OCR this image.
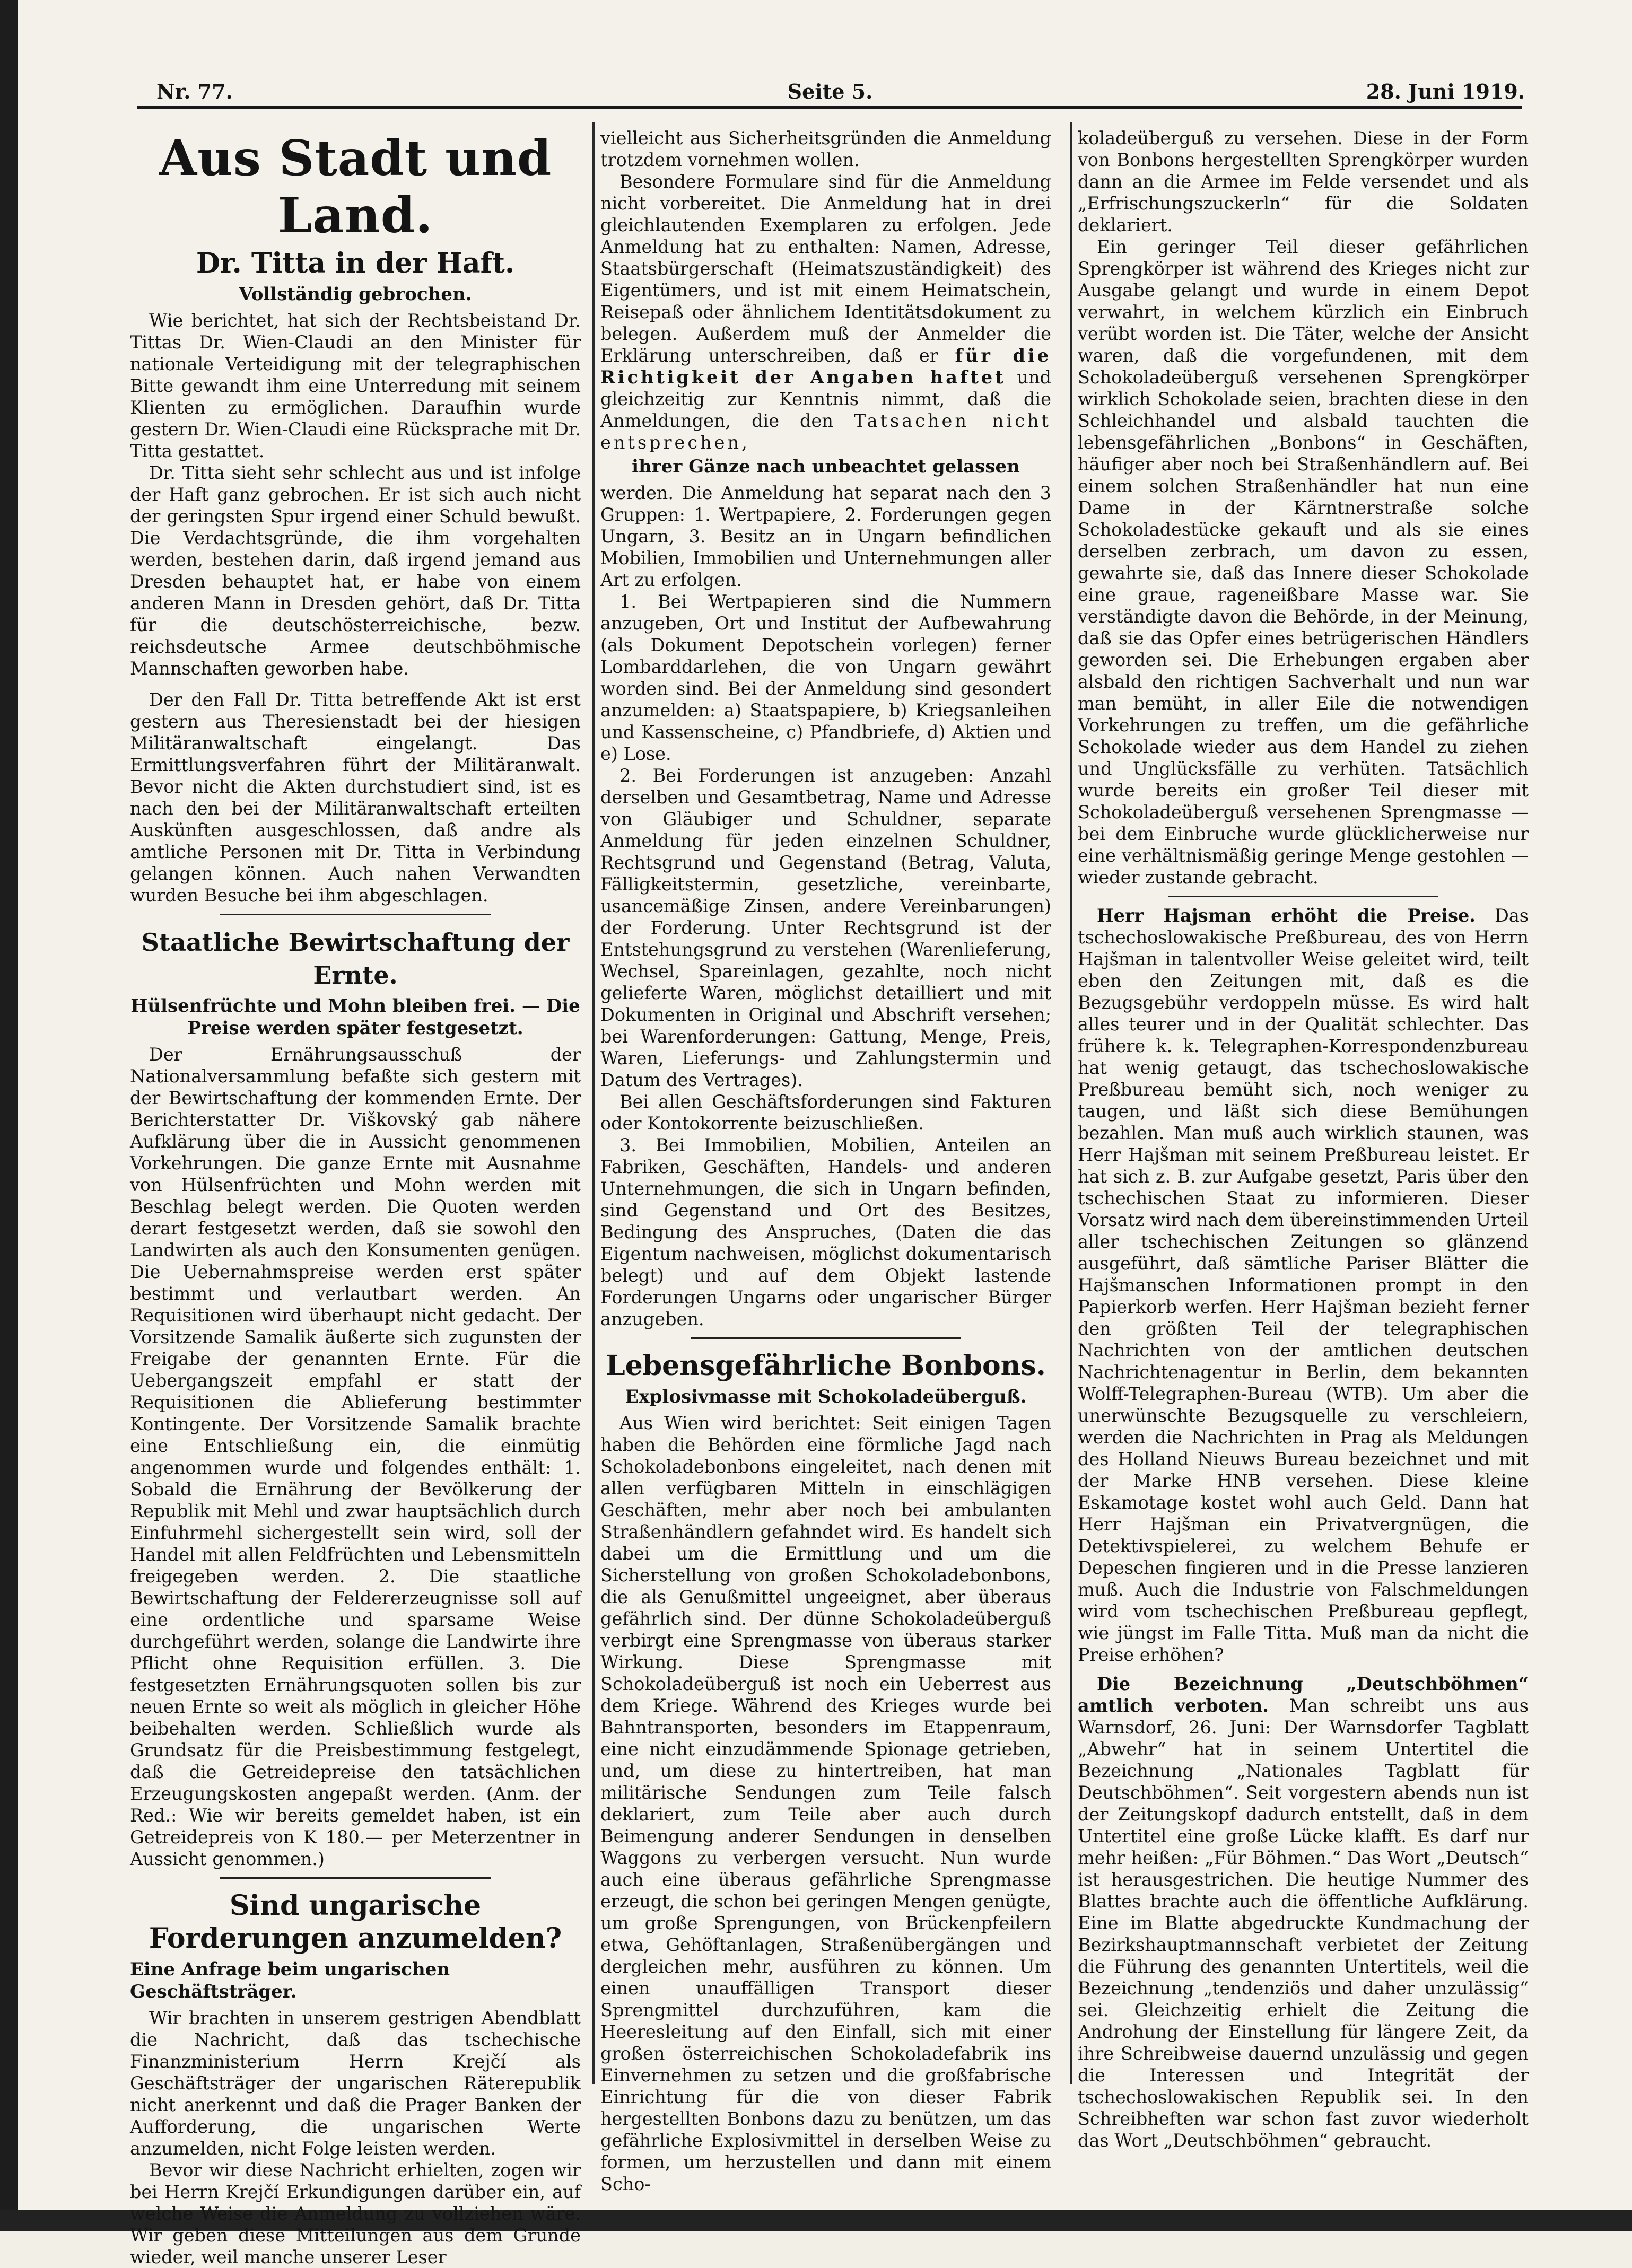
Nr. 77.	Seite 5.	28. Juni 1919.
Aus Stadt und Land.
Dr. Titta in der Haft.
Vollständig gebrochen.

Wie berichtet, hat sich der Rechtsbeistand Dr. Tittas Dr. Wien-Claudi an den Minister für nationale Verteidigung mit der telegraphischen Bitte gewandt ihm eine Unterredung mit seinem Klienten zu ermöglichen. Daraufhin wurde gestern Dr. Wien-Claudi eine Rücksprache mit Dr. Titta gestattet.

Dr. Titta sieht sehr schlecht aus und ist infolge der Haft ganz gebrochen. Er ist sich auch nicht der geringsten Spur irgend einer Schuld bewußt. Die Verdachtsgründe, die ihm vorgehalten werden, bestehen darin, daß irgend jemand aus Dresden behauptet hat, er habe von einem anderen Mann in Dresden gehört, daß Dr. Titta für die deutschösterreichische, bezw. reichsdeutsche Armee deutschböhmische Mannschaften geworben habe.

Der den Fall Dr. Titta betreffende Akt ist erst gestern aus Theresienstadt bei der hiesigen Militäranwaltschaft eingelangt. Das Ermittlungsverfahren führt der Militäranwalt. Bevor nicht die Akten durchstudiert sind, ist es nach den bei der Militäranwaltschaft erteilten Auskünften ausgeschlossen, daß andre als amtliche Personen mit Dr. Titta in Verbindung gelangen können. Auch nahen Verwandten wurden Besuche bei ihm abgeschlagen.

Staatliche Bewirtschaftung der Ernte.
Hülsenfrüchte und Mohn bleiben frei. — Die Preise werden später festgesetzt.

Der Ernährungsausschuß der Nationalversammlung befaßte sich gestern mit der Bewirtschaftung der kommenden Ernte. Der Berichterstatter Dr. Viškovský gab nähere Aufklärung über die in Aussicht genommenen Vorkehrungen. Die ganze Ernte mit Ausnahme von Hülsenfrüchten und Mohn werden mit Beschlag belegt werden. Die Quoten werden derart festgesetzt werden, daß sie sowohl den Landwirten als auch den Konsumenten genügen. Die Uebernahmspreise werden erst später bestimmt und verlautbart werden. An Requisitionen wird überhaupt nicht gedacht. Der Vorsitzende Samalik äußerte sich zugunsten der Freigabe der genannten Ernte. Für die Uebergangszeit empfahl er statt der Requisitionen die Ablieferung bestimmter Kontingente. Der Vorsitzende Samalik brachte eine Entschließung ein, die einmütig angenommen wurde und folgendes enthält: 1. Sobald die Ernährung der Bevölkerung der Republik mit Mehl und zwar hauptsächlich durch Einfuhrmehl sichergestellt sein wird, soll der Handel mit allen Feldfrüchten und Lebensmitteln freigegeben werden. 2. Die staatliche Bewirtschaftung der Feldererzeugnisse soll auf eine ordentliche und sparsame Weise durchgeführt werden, solange die Landwirte ihre Pflicht ohne Requisition erfüllen. 3. Die festgesetzten Ernährungsquoten sollen bis zur neuen Ernte so weit als möglich in gleicher Höhe beibehalten werden. Schließlich wurde als Grundsatz für die Preisbestimmung festgelegt, daß die Getreidepreise den tatsächlichen Erzeugungskosten angepaßt werden. (Anm. der Red.: Wie wir bereits gemeldet haben, ist ein Getreidepreis von K 180.— per Meterzentner in Aussicht genommen.)

Sind ungarische Forderungen anzumelden?
Eine Anfrage beim ungarischen Geschäftsträger.

Wir brachten in unserem gestrigen Abendblatt die Nachricht, daß das tschechische Finanzministerium Herrn Krejčí als Geschäftsträger der ungarischen Räterepublik nicht anerkennt und daß die Prager Banken der Aufforderung, die ungarischen Werte anzumelden, nicht Folge leisten werden.

Bevor wir diese Nachricht erhielten, zogen wir bei Herrn Krejčí Erkundigungen darüber ein, auf welche Weise die Anmeldung zu vollziehen wäre. Wir geben diese Mitteilungen aus dem Grunde wieder, weil manche unserer Leser

vielleicht aus Sicherheitsgründen die Anmeldung trotzdem vornehmen wollen.

Besondere Formulare sind für die Anmeldung nicht vorbereitet. Die Anmeldung hat in drei gleichlautenden Exemplaren zu erfolgen. Jede Anmeldung hat zu enthalten: Namen, Adresse, Staatsbürgerschaft (Heimatszuständigkeit) des Eigentümers, und ist mit einem Heimatschein, Reisepaß oder ähnlichem Identitätsdokument zu belegen. Außerdem muß der Anmelder die Erklärung unterschreiben, daß er für die Richtigkeit der Angaben haftet und gleichzeitig zur Kenntnis nimmt, daß die Anmeldungen, die den Tatsachen nicht entsprechen,

ihrer Gänze nach unbeachtet gelassen

werden. Die Anmeldung hat separat nach den 3 Gruppen: 1. Wertpapiere, 2. Forderungen gegen Ungarn, 3. Besitz an in Ungarn befindlichen Mobilien, Immobilien und Unternehmungen aller Art zu erfolgen.

1. Bei Wertpapieren sind die Nummern anzugeben, Ort und Institut der Aufbewahrung (als Dokument Depotschein vorlegen) ferner Lombarddarlehen, die von Ungarn gewährt worden sind. Bei der Anmeldung sind gesondert anzumelden: a) Staatspapiere, b) Kriegsanleihen und Kassenscheine, c) Pfandbriefe, d) Aktien und e) Lose.

2. Bei Forderungen ist anzugeben: Anzahl derselben und Gesamtbetrag, Name und Adresse von Gläubiger und Schuldner, separate Anmeldung für jeden einzelnen Schuldner, Rechtsgrund und Gegenstand (Betrag, Valuta, Fälligkeitstermin, gesetzliche, vereinbarte, usancemäßige Zinsen, andere Vereinbarungen) der Forderung. Unter Rechtsgrund ist der Entstehungsgrund zu verstehen (Warenlieferung, Wechsel, Spareinlagen, gezahlte, noch nicht gelieferte Waren, möglichst detailliert und mit Dokumenten in Original und Abschrift versehen; bei Warenforderungen: Gattung, Menge, Preis, Waren, Lieferungs- und Zahlungstermin und Datum des Vertrages).

Bei allen Geschäftsforderungen sind Fakturen oder Kontokorrente beizuschließen.

3. Bei Immobilien, Mobilien, Anteilen an Fabriken, Geschäften, Handels- und anderen Unternehmungen, die sich in Ungarn befinden, sind Gegenstand und Ort des Besitzes, Bedingung des Anspruches, (Daten die das Eigentum nachweisen, möglichst dokumentarisch belegt) und auf dem Objekt lastende Forderungen Ungarns oder ungarischer Bürger anzugeben.

Lebensgefährliche Bonbons.
Explosivmasse mit Schokoladeüberguß.

Aus Wien wird berichtet: Seit einigen Tagen haben die Behörden eine förmliche Jagd nach Schokoladebonbons eingeleitet, nach denen mit allen verfügbaren Mitteln in einschlägigen Geschäften, mehr aber noch bei ambulanten Straßenhändlern gefahndet wird. Es handelt sich dabei um die Ermittlung und um die Sicherstellung von großen Schokoladebonbons, die als Genußmittel ungeeignet, aber überaus gefährlich sind. Der dünne Schokoladeüberguß verbirgt eine Sprengmasse von überaus starker Wirkung. Diese Sprengmasse mit Schokoladeüberguß ist noch ein Ueberrest aus dem Kriege. Während des Krieges wurde bei Bahntransporten, besonders im Etappenraum, eine nicht einzudämmende Spionage getrieben, und, um diese zu hintertreiben, hat man militärische Sendungen zum Teile falsch deklariert, zum Teile aber auch durch Beimengung anderer Sendungen in denselben Waggons zu verbergen versucht. Nun wurde auch eine überaus gefährliche Sprengmasse erzeugt, die schon bei geringen Mengen genügte, um große Sprengungen, von Brückenpfeilern etwa, Gehöftanlagen, Straßenübergängen und dergleichen mehr, ausführen zu können. Um einen unauffälligen Transport dieser Sprengmittel durchzuführen, kam die Heeresleitung auf den Einfall, sich mit einer großen österreichischen Schokoladefabrik ins Einvernehmen zu setzen und die großfabrische Einrichtung für die von dieser Fabrik hergestellten Bonbons dazu zu benützen, um das gefährliche Explosivmittel in derselben Weise zu formen, um herzustellen und dann mit einem Scho-

koladeüberguß zu versehen. Diese in der Form von Bonbons hergestellten Sprengkörper wurden dann an die Armee im Felde versendet und als „Erfrischungszuckerln“ für die Soldaten deklariert.

Ein geringer Teil dieser gefährlichen Sprengkörper ist während des Krieges nicht zur Ausgabe gelangt und wurde in einem Depot verwahrt, in welchem kürzlich ein Einbruch verübt worden ist. Die Täter, welche der Ansicht waren, daß die vorgefundenen, mit dem Schokoladeüberguß versehenen Sprengkörper wirklich Schokolade seien, brachten diese in den Schleichhandel und alsbald tauchten die lebensgefährlichen „Bonbons“ in Geschäften, häufiger aber noch bei Straßenhändlern auf. Bei einem solchen Straßenhändler hat nun eine Dame in der Kärntnerstraße solche Schokoladestücke gekauft und als sie eines derselben zerbrach, um davon zu essen, gewahrte sie, daß das Innere dieser Schokolade eine graue, rageneißbare Masse war. Sie verständigte davon die Behörde, in der Meinung, daß sie das Opfer eines betrügerischen Händlers geworden sei. Die Erhebungen ergaben aber alsbald den richtigen Sachverhalt und nun war man bemüht, in aller Eile die notwendigen Vorkehrungen zu treffen, um die gefährliche Schokolade wieder aus dem Handel zu ziehen und Unglücksfälle zu verhüten. Tatsächlich wurde bereits ein großer Teil dieser mit Schokoladeüberguß versehenen Sprengmasse — bei dem Einbruche wurde glücklicherweise nur eine verhältnismäßig geringe Menge gestohlen — wieder zustande gebracht.

Herr Hajsman erhöht die Preise. Das tschechoslowakische Preßbureau, des von Herrn Hajšman in talentvoller Weise geleitet wird, teilt eben den Zeitungen mit, daß es die Bezugsgebühr verdoppeln müsse. Es wird halt alles teurer und in der Qualität schlechter. Das frühere k. k. Telegraphen-Korrespondenzbureau hat wenig getaugt, das tschechoslowakische Preßbureau bemüht sich, noch weniger zu taugen, und läßt sich diese Bemühungen bezahlen. Man muß auch wirklich staunen, was Herr Hajšman mit seinem Preßbureau leistet. Er hat sich z. B. zur Aufgabe gesetzt, Paris über den tschechischen Staat zu informieren. Dieser Vorsatz wird nach dem übereinstimmenden Urteil aller tschechischen Zeitungen so glänzend ausgeführt, daß sämtliche Pariser Blätter die Hajšmanschen Informationen prompt in den Papierkorb werfen. Herr Hajšman bezieht ferner den größten Teil der telegraphischen Nachrichten von der amtlichen deutschen Nachrichtenagentur in Berlin, dem bekannten Wolff-Telegraphen-Bureau (WTB). Um aber die unerwünschte Bezugsquelle zu verschleiern, werden die Nachrichten in Prag als Meldungen des Holland Nieuws Bureau bezeichnet und mit der Marke HNB versehen. Diese kleine Eskamotage kostet wohl auch Geld. Dann hat Herr Hajšman ein Privatvergnügen, die Detektivspielerei, zu welchem Behufe er Depeschen fingieren und in die Presse lanzieren muß. Auch die Industrie von Falschmeldungen wird vom tschechischen Preßbureau gepflegt, wie jüngst im Falle Titta. Muß man da nicht die Preise erhöhen?

Die Bezeichnung „Deutschböhmen“ amtlich verboten. Man schreibt uns aus Warnsdorf, 26. Juni: Der Warnsdorfer Tagblatt „Abwehr“ hat in seinem Untertitel die Bezeichnung „Nationales Tagblatt für Deutschböhmen“. Seit vorgestern abends nun ist der Zeitungskopf dadurch entstellt, daß in dem Untertitel eine große Lücke klafft. Es darf nur mehr heißen: „Für Böhmen.“ Das Wort „Deutsch“ ist herausgestrichen. Die heutige Nummer des Blattes brachte auch die öffentliche Aufklärung. Eine im Blatte abgedruckte Kundmachung der Bezirkshauptmannschaft verbietet der Zeitung die Führung des genannten Untertitels, weil die Bezeichnung „tendenziös und daher unzulässig“ sei. Gleichzeitig erhielt die Zeitung die Androhung der Einstellung für längere Zeit, da ihre Schreibweise dauernd unzulässig und gegen die Interessen und Integrität der tschechoslowakischen Republik sei. In den Schreibheften war schon fast zuvor wiederholt das Wort „Deutschböhmen“ gebraucht.
